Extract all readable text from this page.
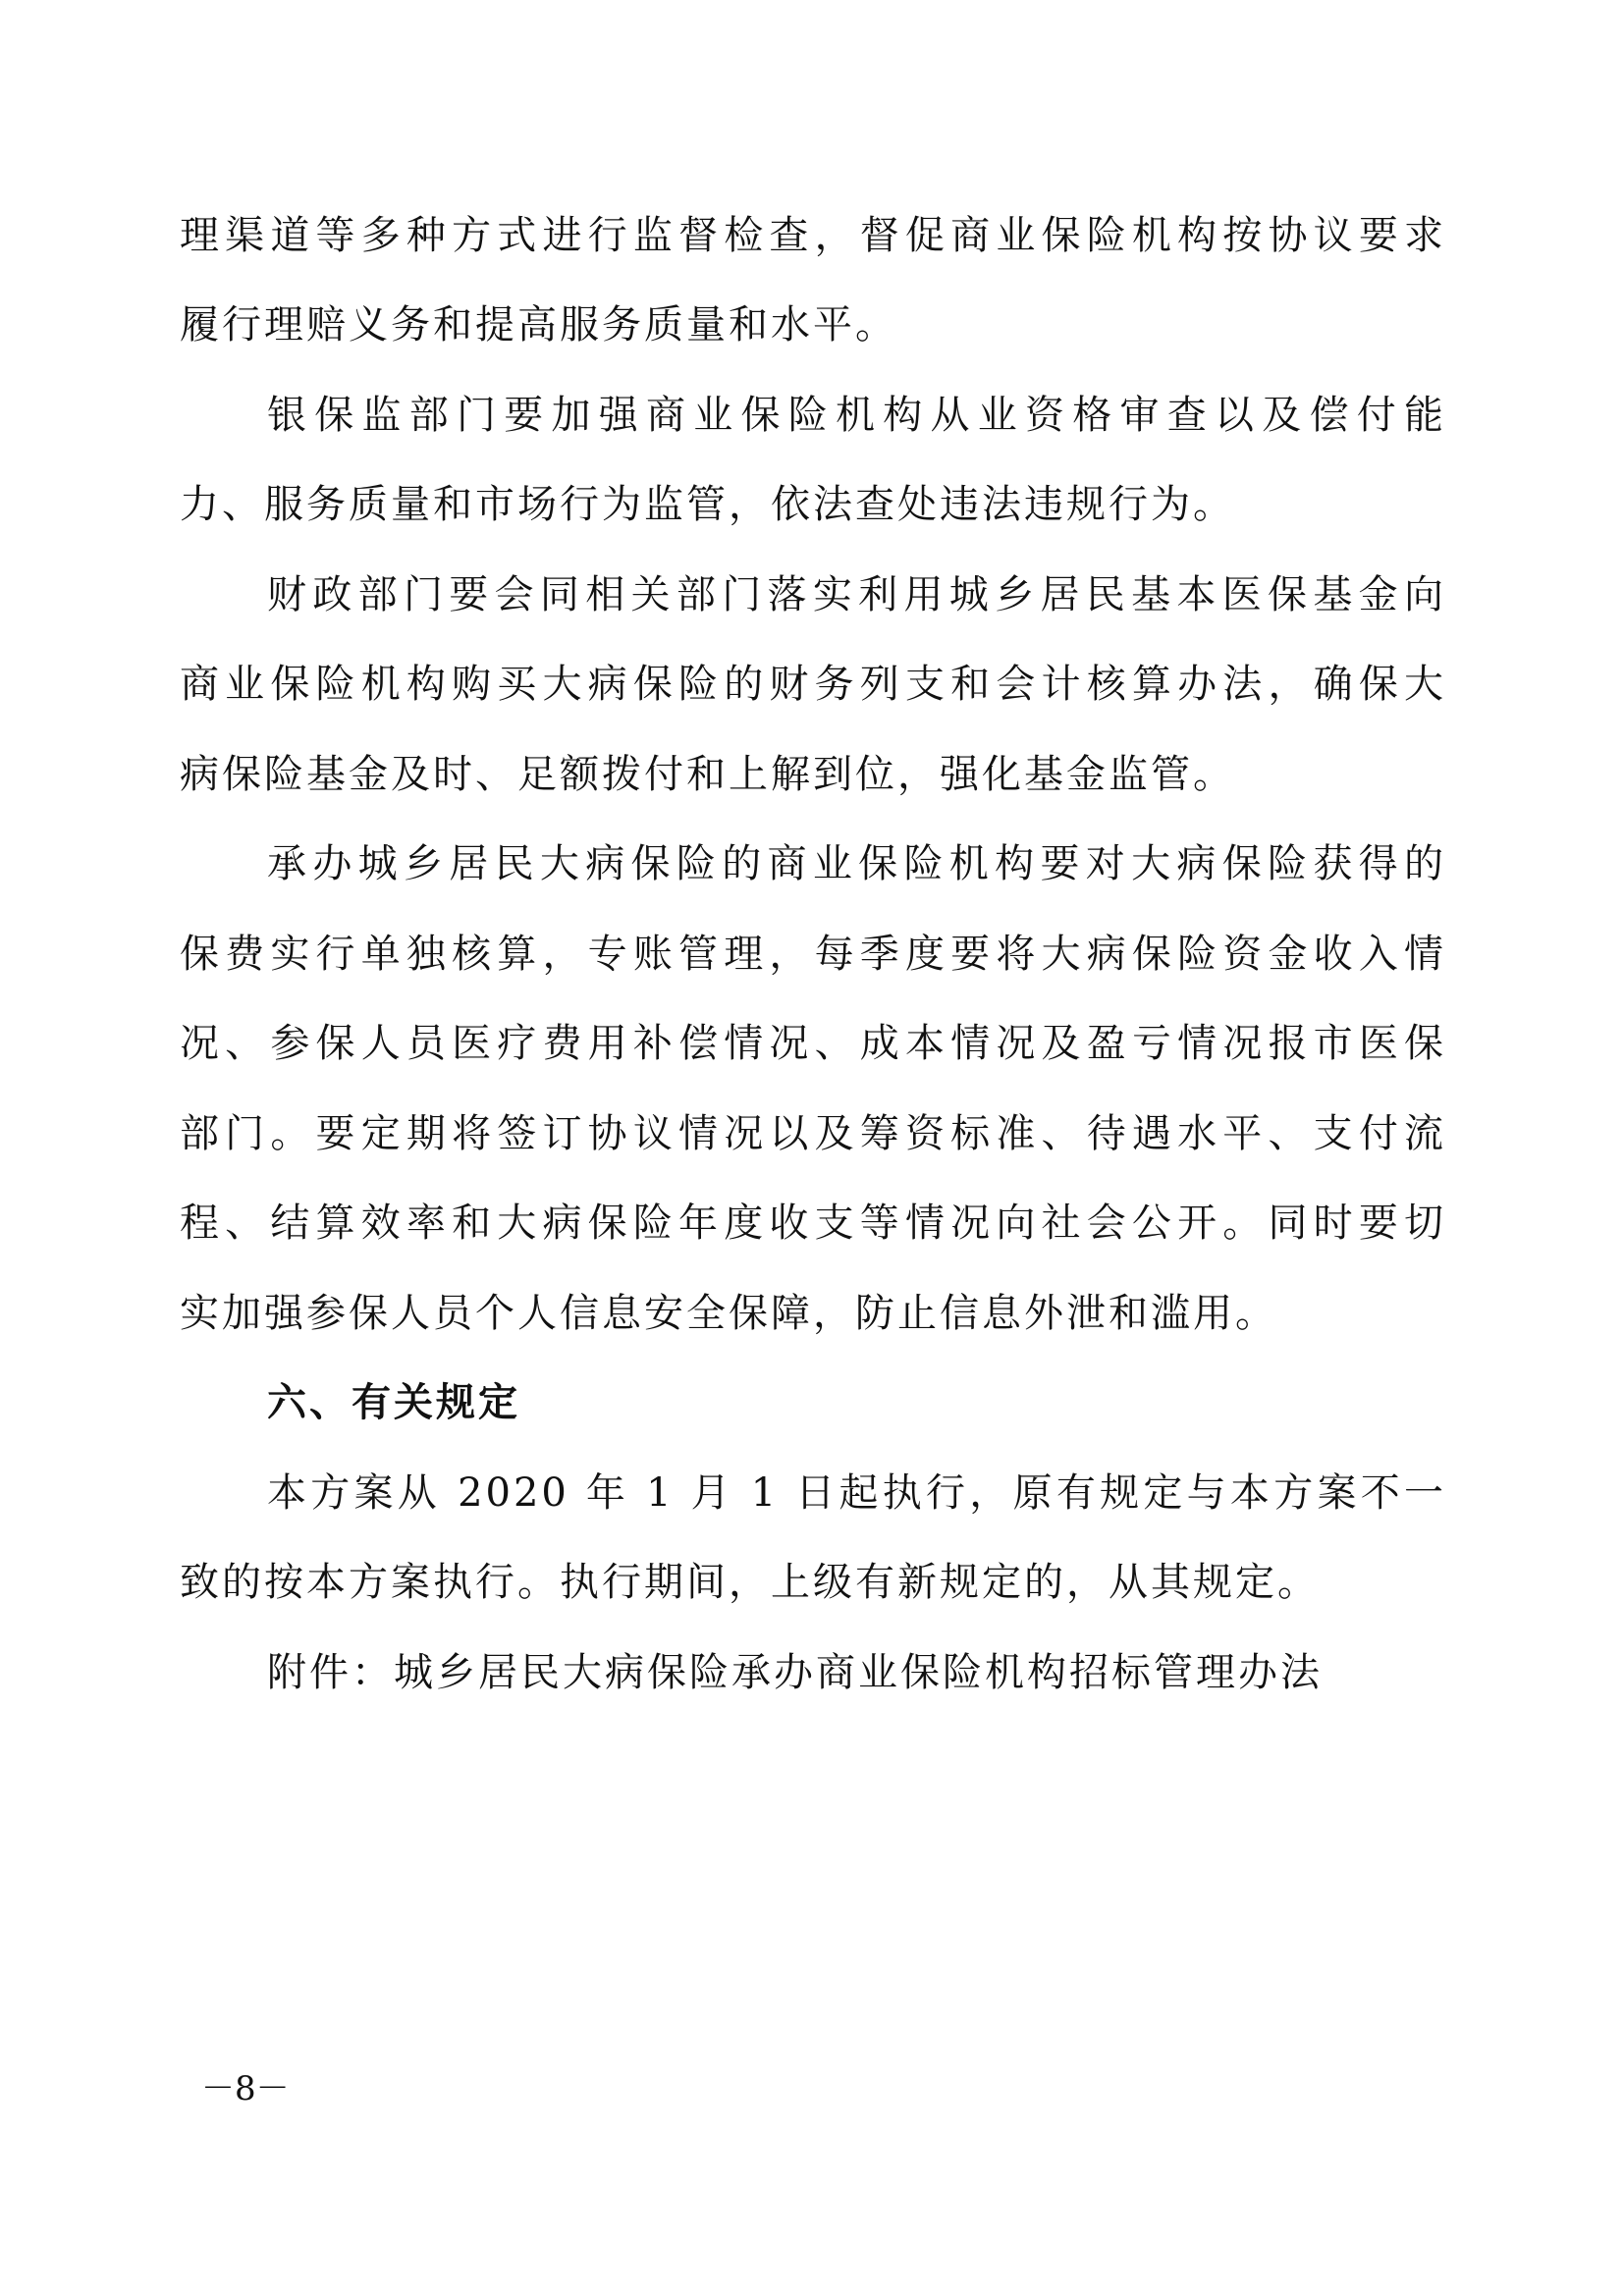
理渠道等多种方式进行监督检查，督促商业保险机构按协议要求
履行理赔义务和提高服务质量和水平。
银保监部门要加强商业保险机构从业资格审查以及偿付能
力、服务质量和市场行为监管，依法查处违法违规行为。
财政部门要会同相关部门落实利用城乡居民基本医保基金向
商业保险机构购买大病保险的财务列支和会计核算办法，确保大
病保险基金及时、足额拨付和上解到位，强化基金监管。
承办城乡居民大病保险的商业保险机构要对大病保险获得的
保费实行单独核算，专账管理，每季度要将大病保险资金收入情
况、参保人员医疗费用补偿情况、成本情况及盈亏情况报市医保
部门。要定期将签订协议情况以及筹资标准、待遇水平、支付流
程、结算效率和大病保险年度收支等情况向社会公开。同时要切
实加强参保人员个人信息安全保障，防止信息外泄和滥用。
六、有关规定
本方案从 2020 年 1 月 1 日起执行，原有规定与本方案不一
致的按本方案执行。执行期间，上级有新规定的，从其规定。
附件：城乡居民大病保险承办商业保险机构招标管理办法
－8－
